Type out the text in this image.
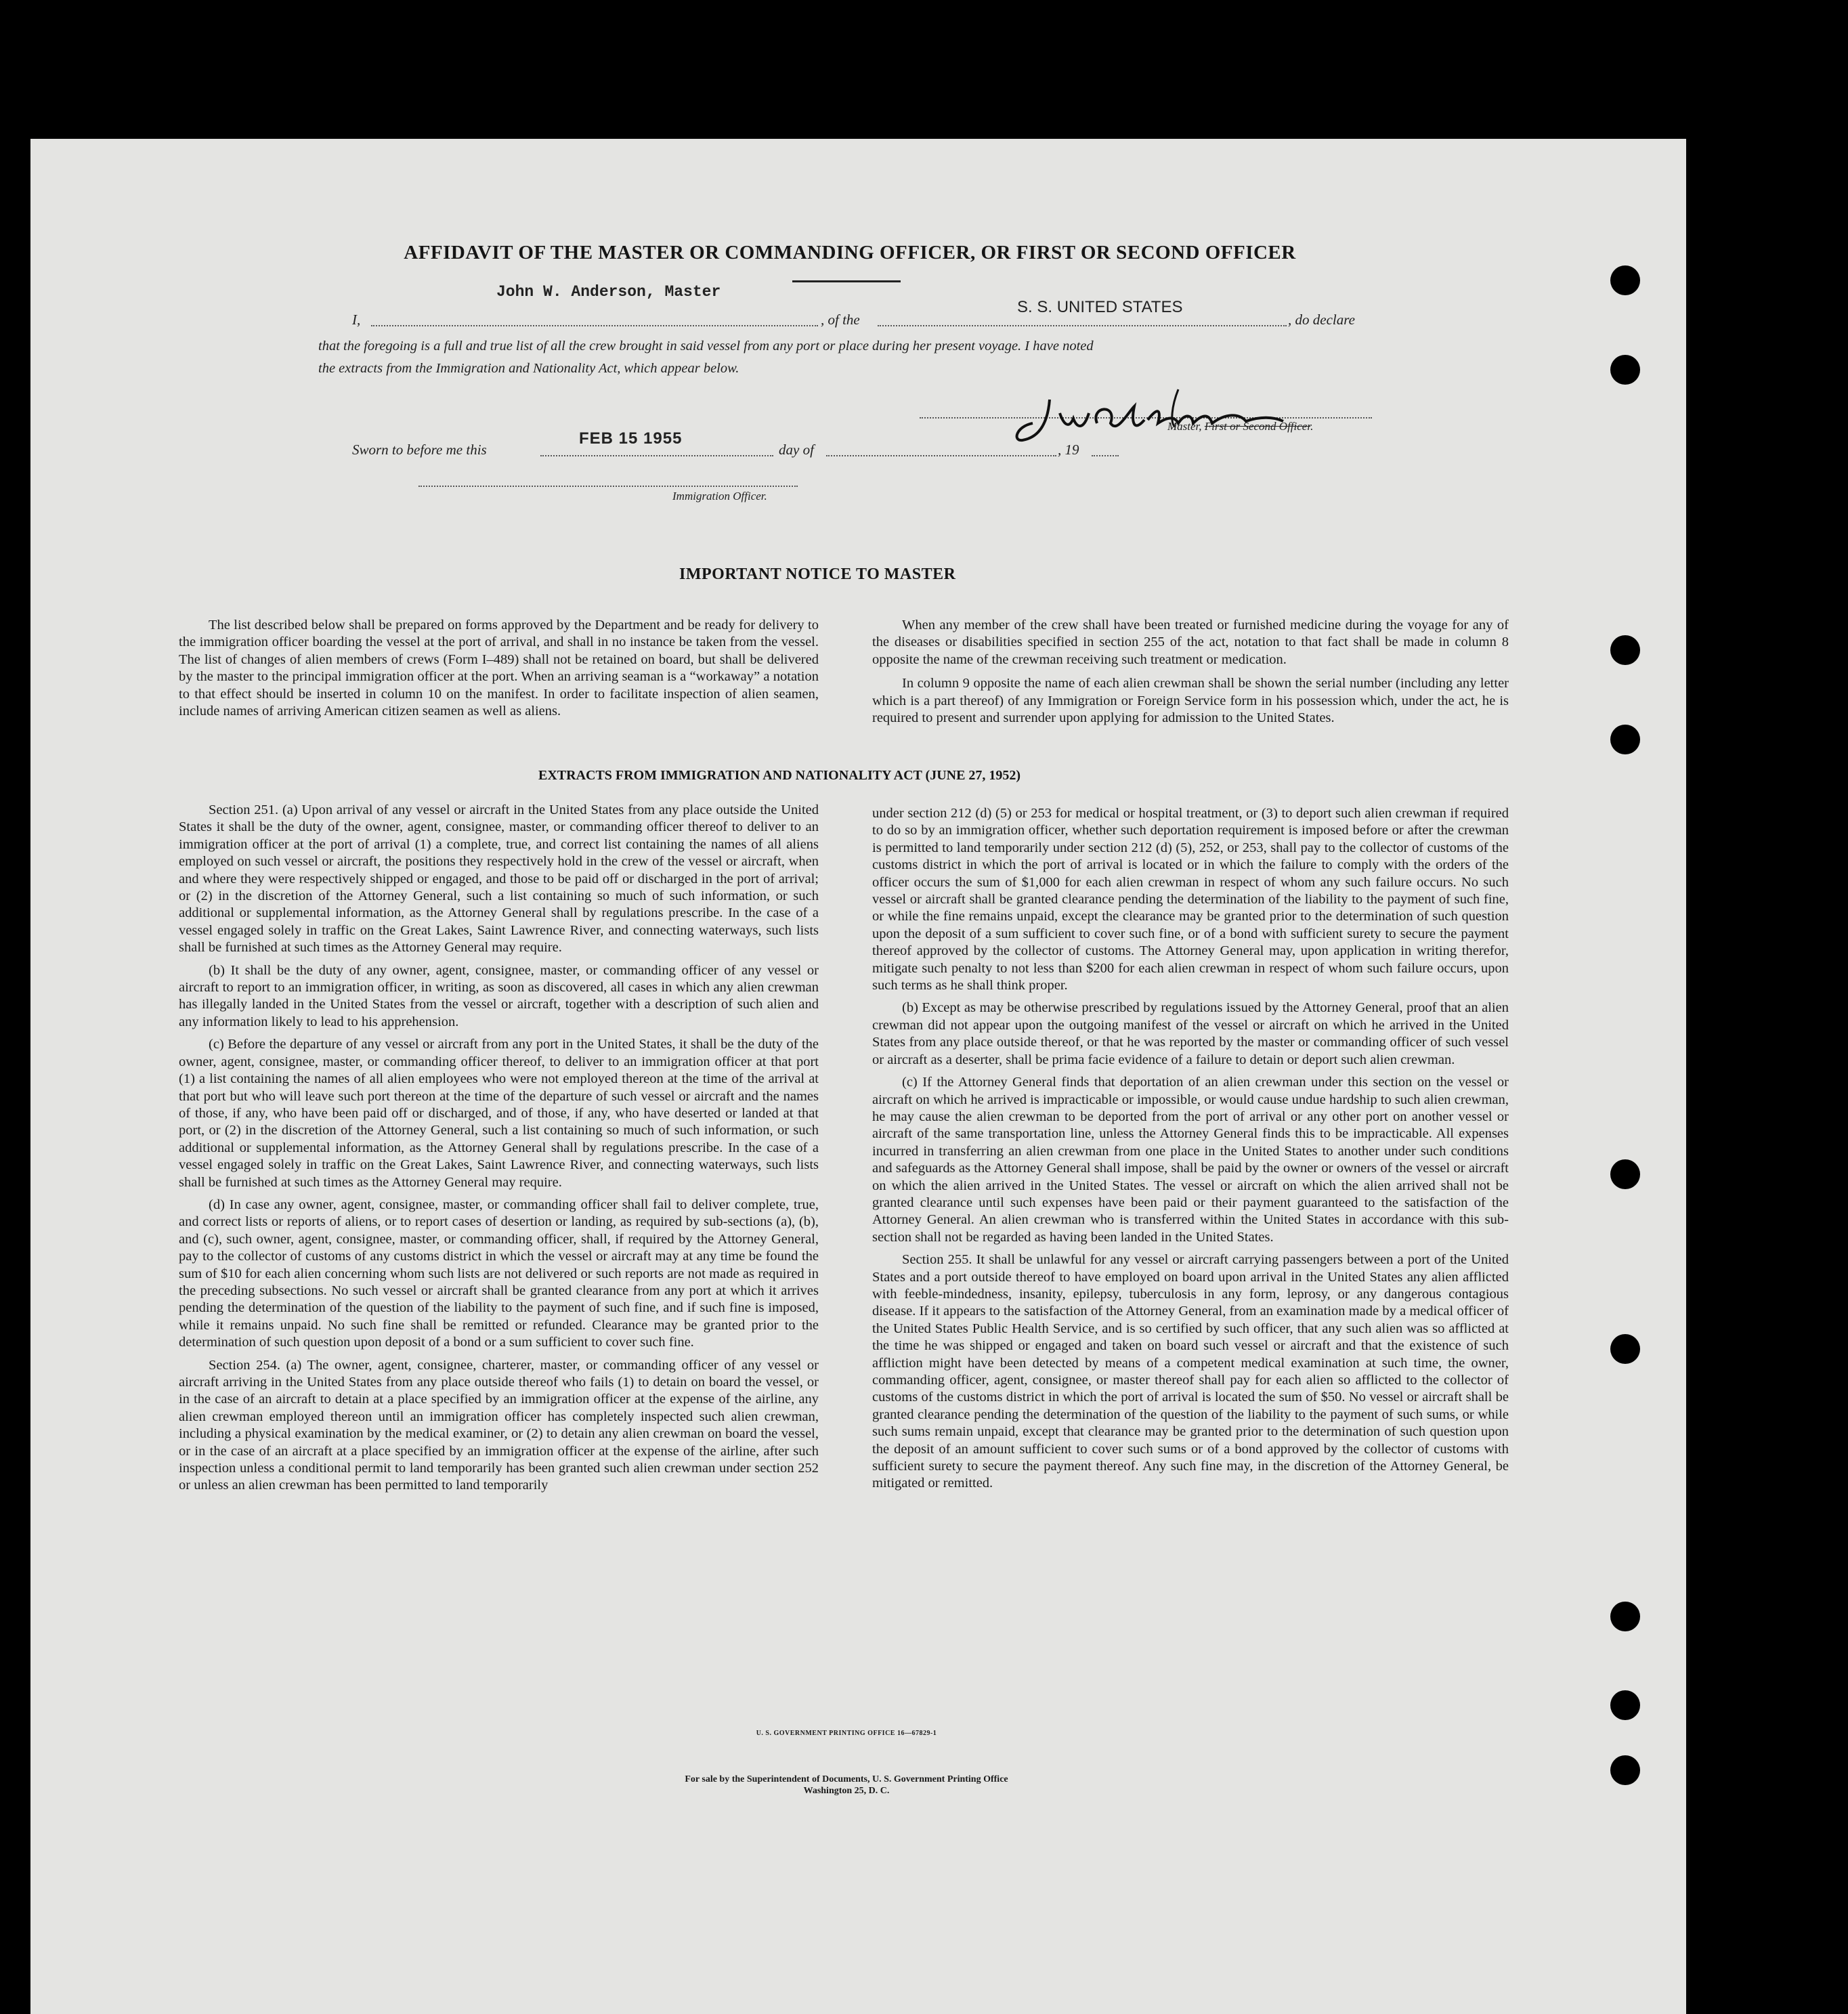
AFFIDAVIT OF THE MASTER OR COMMANDING OFFICER, OR FIRST OR SECOND OFFICER
John W. Anderson, Master
I,	, of the
S. S. UNITED STATES
, do declare
that the foregoing is a full and true list of all the crew brought in said vessel from any port or place during her present voyage. I have noted
the extracts from the Immigration and Nationality Act, which appear below.
Master, First or Second Officer.
Sworn to before me this
FEB 15 1955
day of	, 19
Immigration Officer.
IMPORTANT NOTICE TO MASTER

The list described below shall be prepared on forms approved by the Department and be ready for delivery to the immigration officer boarding the vessel at the port of arrival, and shall in no instance be taken from the vessel. The list of changes of alien members of crews (Form I–489) shall not be retained on board, but shall be delivered by the master to the principal immigration officer at the port. When an arriving seaman is a “workaway” a notation to that effect should be inserted in column 10 on the manifest. In order to facilitate inspection of alien seamen, include names of arriving American citizen seamen as well as aliens.

When any member of the crew shall have been treated or furnished medicine during the voyage for any of the diseases or disabilities specified in section 255 of the act, notation to that fact shall be made in column 8 opposite the name of the crewman receiving such treatment or medication.

In column 9 opposite the name of each alien crewman shall be shown the serial number (including any letter which is a part thereof) of any Immigration or Foreign Service form in his possession which, under the act, he is required to present and surrender upon applying for admission to the United States.

EXTRACTS FROM IMMIGRATION AND NATIONALITY ACT (JUNE 27, 1952)

Section 251. (a) Upon arrival of any vessel or aircraft in the United States from any place outside the United States it shall be the duty of the owner, agent, consignee, master, or commanding officer thereof to deliver to an immigration officer at the port of arrival (1) a complete, true, and correct list containing the names of all aliens employed on such vessel or aircraft, the positions they respectively hold in the crew of the vessel or aircraft, when and where they were respectively shipped or engaged, and those to be paid off or discharged in the port of arrival; or (2) in the discretion of the Attorney General, such a list containing so much of such information, or such additional or supplemental information, as the Attorney General shall by regulations prescribe. In the case of a vessel engaged solely in traffic on the Great Lakes, Saint Lawrence River, and connecting waterways, such lists shall be furnished at such times as the Attorney General may require.

(b) It shall be the duty of any owner, agent, consignee, master, or commanding officer of any vessel or aircraft to report to an immigration officer, in writing, as soon as discovered, all cases in which any alien crewman has illegally landed in the United States from the vessel or aircraft, together with a description of such alien and any information likely to lead to his apprehension.

(c) Before the departure of any vessel or aircraft from any port in the United States, it shall be the duty of the owner, agent, consignee, master, or commanding officer thereof, to deliver to an immigration officer at that port (1) a list containing the names of all alien employees who were not employed thereon at the time of the arrival at that port but who will leave such port thereon at the time of the departure of such vessel or aircraft and the names of those, if any, who have been paid off or discharged, and of those, if any, who have deserted or landed at that port, or (2) in the discretion of the Attorney General, such a list containing so much of such information, or such additional or supplemental information, as the Attorney General shall by regulations prescribe. In the case of a vessel engaged solely in traffic on the Great Lakes, Saint Lawrence River, and connecting waterways, such lists shall be furnished at such times as the Attorney General may require.

(d) In case any owner, agent, consignee, master, or commanding officer shall fail to deliver complete, true, and correct lists or reports of aliens, or to report cases of desertion or landing, as required by sub-sections (a), (b), and (c), such owner, agent, consignee, master, or commanding officer, shall, if required by the Attorney General, pay to the collector of customs of any customs district in which the vessel or aircraft may at any time be found the sum of $10 for each alien concerning whom such lists are not delivered or such reports are not made as required in the preceding subsections. No such vessel or aircraft shall be granted clearance from any port at which it arrives pending the determination of the question of the liability to the payment of such fine, and if such fine is imposed, while it remains unpaid. No such fine shall be remitted or refunded. Clearance may be granted prior to the determination of such question upon deposit of a bond or a sum sufficient to cover such fine.

Section 254. (a) The owner, agent, consignee, charterer, master, or commanding officer of any vessel or aircraft arriving in the United States from any place outside thereof who fails (1) to detain on board the vessel, or in the case of an aircraft to detain at a place specified by an immigration officer at the expense of the airline, any alien crewman employed thereon until an immigration officer has completely inspected such alien crewman, including a physical examination by the medical examiner, or (2) to detain any alien crewman on board the vessel, or in the case of an aircraft at a place specified by an immigration officer at the expense of the airline, after such inspection unless a conditional permit to land temporarily has been granted such alien crewman under section 252 or unless an alien crewman has been permitted to land temporarily

under section 212 (d) (5) or 253 for medical or hospital treatment, or (3) to deport such alien crewman if required to do so by an immigration officer, whether such deportation requirement is imposed before or after the crewman is permitted to land temporarily under section 212 (d) (5), 252, or 253, shall pay to the collector of customs of the customs district in which the port of arrival is located or in which the failure to comply with the orders of the officer occurs the sum of $1,000 for each alien crewman in respect of whom any such failure occurs. No such vessel or aircraft shall be granted clearance pending the determination of the liability to the payment of such fine, or while the fine remains unpaid, except the clearance may be granted prior to the determination of such question upon the deposit of a sum sufficient to cover such fine, or of a bond with sufficient surety to secure the payment thereof approved by the collector of customs. The Attorney General may, upon application in writing therefor, mitigate such penalty to not less than $200 for each alien crewman in respect of whom such failure occurs, upon such terms as he shall think proper.

(b) Except as may be otherwise prescribed by regulations issued by the Attorney General, proof that an alien crewman did not appear upon the outgoing manifest of the vessel or aircraft on which he arrived in the United States from any place outside thereof, or that he was reported by the master or commanding officer of such vessel or aircraft as a deserter, shall be prima facie evidence of a failure to detain or deport such alien crewman.

(c) If the Attorney General finds that deportation of an alien crewman under this section on the vessel or aircraft on which he arrived is impracticable or impossible, or would cause undue hardship to such alien crewman, he may cause the alien crewman to be deported from the port of arrival or any other port on another vessel or aircraft of the same transportation line, unless the Attorney General finds this to be impracticable. All expenses incurred in transferring an alien crewman from one place in the United States to another under such conditions and safeguards as the Attorney General shall impose, shall be paid by the owner or owners of the vessel or aircraft on which the alien arrived in the United States. The vessel or aircraft on which the alien arrived shall not be granted clearance until such expenses have been paid or their payment guaranteed to the satisfaction of the Attorney General. An alien crewman who is transferred within the United States in accordance with this sub-section shall not be regarded as having been landed in the United States.

Section 255. It shall be unlawful for any vessel or aircraft carrying passengers between a port of the United States and a port outside thereof to have employed on board upon arrival in the United States any alien afflicted with feeble-mindedness, insanity, epilepsy, tuberculosis in any form, leprosy, or any dangerous contagious disease. If it appears to the satisfaction of the Attorney General, from an examination made by a medical officer of the United States Public Health Service, and is so certified by such officer, that any such alien was so afflicted at the time he was shipped or engaged and taken on board such vessel or aircraft and that the existence of such affliction might have been detected by means of a competent medical examination at such time, the owner, commanding officer, agent, consignee, or master thereof shall pay for each alien so afflicted to the collector of customs of the customs district in which the port of arrival is located the sum of $50. No vessel or aircraft shall be granted clearance pending the determination of the question of the liability to the payment of such sums, or while such sums remain unpaid, except that clearance may be granted prior to the determination of such question upon the deposit of an amount sufficient to cover such sums or of a bond approved by the collector of customs with sufficient surety to secure the payment thereof. Any such fine may, in the discretion of the Attorney General, be mitigated or remitted.

U. S. GOVERNMENT PRINTING OFFICE 16—67829-1
For sale by the Superintendent of Documents, U. S. Government Printing Office
Washington 25, D. C.
